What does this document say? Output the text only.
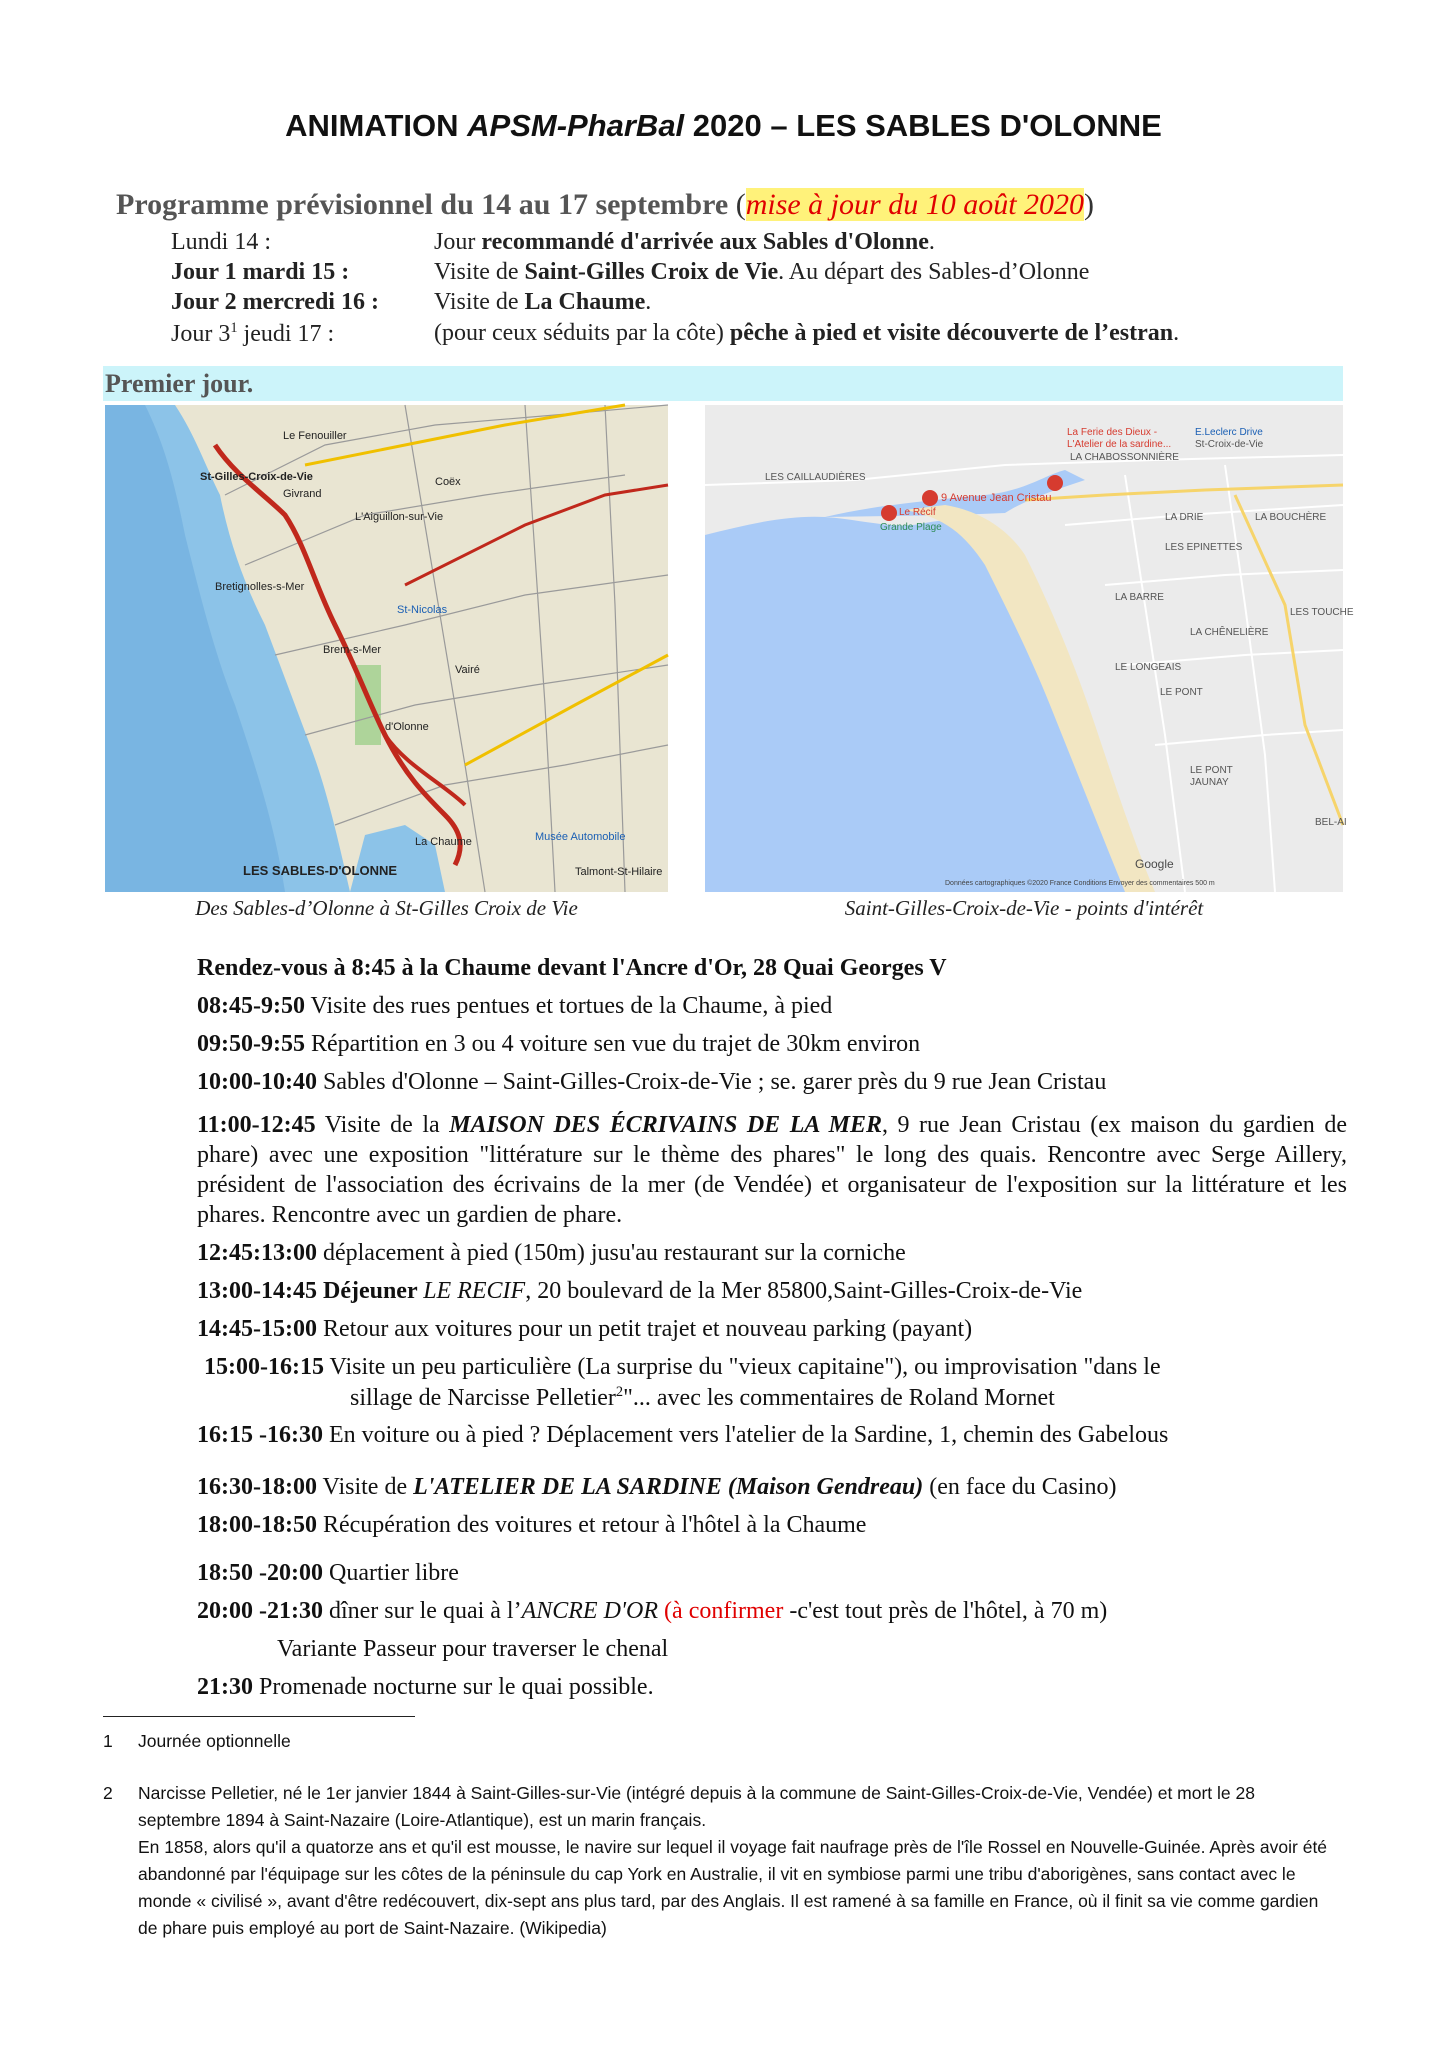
ANIMATION APSM-PharBal 2020 – LES SABLES D'OLONNE
Programme prévisionnel du 14 au 17 septembre (mise à jour du 10 août 2020)
Lundi 14 :	Jour recommandé d'arrivée aux Sables d'Olonne.
Jour 1 mardi 15 :	Visite de Saint-Gilles Croix de Vie. Au départ des Sables-d’Olonne
Jour 2 mercredi 16 : Visite de La Chaume.
Jour $3^1$ jeudi 17 :	(pour ceux séduits par la côte) pêche à pied et visite découverte de l’estran.
Premier jour.
St-Gilles-Croix-de-Vie
Le Fenouiller
Givrand
Coëx
L'Aiguillon-sur-Vie
Bretignolles-s-Mer
Brem-s-Mer
St-Nicolas
Vairé
d'Olonne
La Chaume	Musée Automobile
Talmont-St-Hilaire
LES SABLES-D'OLONNE
Des Sables-d’Olonne à St-Gilles Croix de Vie
LES CAILLAUDIÈRES
9 Avenue Jean Cristau
La Ferie des Dieux -
L'Atelier de la sardine...
LA CHABOSSONNIÈRE
E.Leclerc Drive
St-Croix-de-Vie
Le Récif
Grande Plage
LA DRIE	LA BOUCHÈRE
LES EPINETTES
LA BARRE
LES TOUCHE
LA CHÊNELIÈRE
LE LONGEAIS
LE PONT
LE PONT
JAUNAY
BEL-AI
Google
Données cartographiques ©2020 France Conditions Envoyer des commentaires 500 m
Saint-Gilles-Croix-de-Vie - points d'intérêt
Rendez-vous à 8:45 à la Chaume devant l'Ancre d'Or, 28 Quai Georges V
08:45-9:50 Visite des rues pentues et tortues de la Chaume, à pied
09:50-9:55 Répartition en 3 ou 4 voiture sen vue du trajet de 30km environ
10:00-10:40 Sables d'Olonne – Saint-Gilles-Croix-de-Vie ; se. garer près du 9 rue Jean Cristau
11:00-12:45 Visite de la MAISON DES ÉCRIVAINS DE LA MER, 9 rue Jean Cristau (ex maison du gardien de phare) avec une exposition "littérature sur le thème des phares" le long des quais. Rencontre avec Serge Aillery, président de l'association des écrivains de la mer (de Vendée) et organisateur de l'exposition sur la littérature et les phares. Rencontre avec un gardien de phare.
12:45:13:00 déplacement à pied (150m) jusu'au restaurant sur la corniche
13:00-14:45 Déjeuner LE RECIF, 20 boulevard de la Mer 85800,Saint-Gilles-Croix-de-Vie
14:45-15:00 Retour aux voitures pour un petit trajet et nouveau parking (payant)
15:00-16:15 Visite un peu particulière (La surprise du "vieux capitaine"), ou improvisation "dans le
sillage de Narcisse Pelletier$^2$"... avec les commentaires de Roland Mornet
16:15 -16:30 En voiture ou à pied ? Déplacement vers l'atelier de la Sardine, 1, chemin des Gabelous
16:30-18:00 Visite de L'ATELIER DE LA SARDINE (Maison Gendreau) (en face du Casino)
18:00-18:50 Récupération des voitures et retour à l'hôtel à la Chaume
18:50 -20:00 Quartier libre
20:00 -21:30 dîner sur le quai à l’ANCRE D'OR (à confirmer -c'est tout près de l'hôtel, à 70 m)
Variante Passeur pour traverser le chenal
21:30 Promenade nocturne sur le quai possible.
1 Journée optionnelle
2 Narcisse Pelletier, né le 1er janvier 1844 à Saint-Gilles-sur-Vie (intégré depuis à la commune de Saint-Gilles-Croix-de-Vie, Vendée) et mort le 28 septembre 1894 à Saint-Nazaire (Loire-Atlantique), est un marin français.
En 1858, alors qu'il a quatorze ans et qu'il est mousse, le navire sur lequel il voyage fait naufrage près de l'île Rossel en Nouvelle-Guinée. Après avoir été abandonné par l'équipage sur les côtes de la péninsule du cap York en Australie, il vit en symbiose parmi une tribu d'aborigènes, sans contact avec le monde « civilisé », avant d'être redécouvert, dix-sept ans plus tard, par des Anglais. Il est ramené à sa famille en France, où il finit sa vie comme gardien de phare puis employé au port de Saint-Nazaire. (Wikipedia)
